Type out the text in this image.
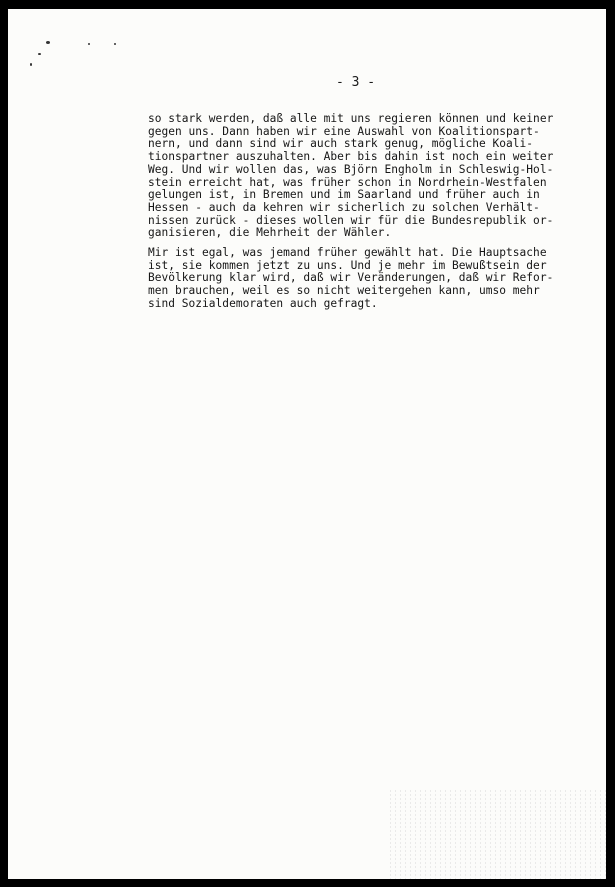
- 3 -
so stark werden, daß alle mit uns regieren können und keiner
gegen uns. Dann haben wir eine Auswahl von Koalitionspart-
nern, und dann sind wir auch stark genug, mögliche Koali-
tionspartner auszuhalten. Aber bis dahin ist noch ein weiter
Weg. Und wir wollen das, was Björn Engholm in Schleswig-Hol-
stein erreicht hat, was früher schon in Nordrhein-Westfalen
gelungen ist, in Bremen und im Saarland und früher auch in
Hessen - auch da kehren wir sicherlich zu solchen Verhält-
nissen zurück - dieses wollen wir für die Bundesrepublik or-
ganisieren, die Mehrheit der Wähler.
Mir ist egal, was jemand früher gewählt hat. Die Hauptsache
ist, sie kommen jetzt zu uns. Und je mehr im Bewußtsein der
Bevölkerung klar wird, daß wir Veränderungen, daß wir Refor-
men brauchen, weil es so nicht weitergehen kann, umso mehr
sind Sozialdemoraten auch gefragt.
